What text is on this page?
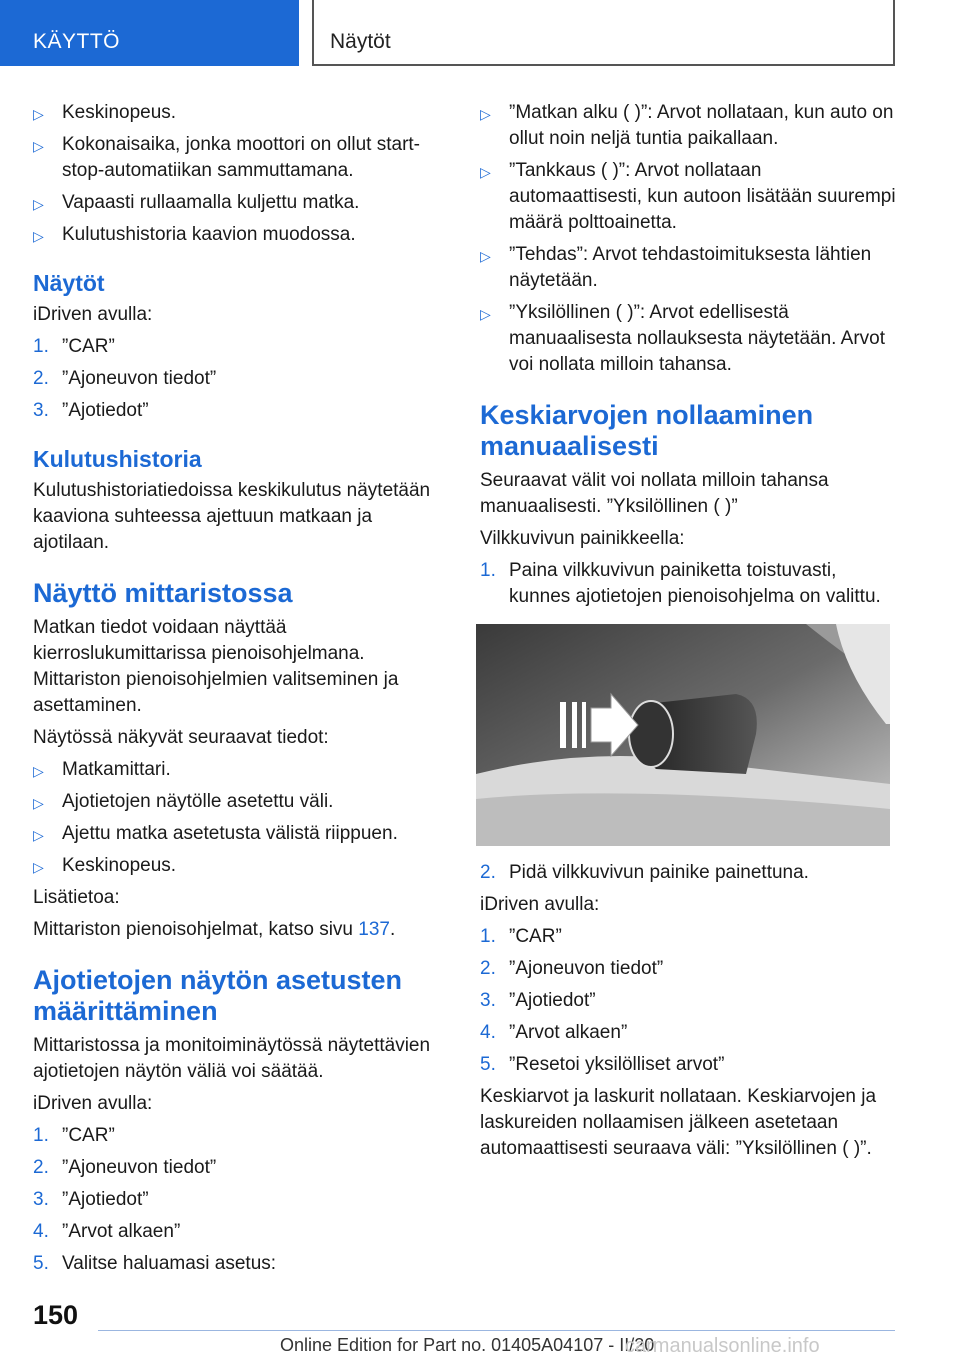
KÄYTTÖ	Näytöt
▷ Keskinopeus.
▷ Kokonaisaika, jonka moottori on ollut start-stop-automatiikan sammuttamana.
▷ Vapaasti rullaamalla kuljettu matka.
▷ Kulutushistoria kaavion muodossa.
Näytöt

iDriven avulla:

1. ”CAR”
2. ”Ajoneuvon tiedot”
3. ”Ajotiedot”
Kulutushistoria

Kulutushistoriatiedoissa keskikulutus näytetään kaaviona suhteessa ajettuun matkaan ja ajotilaan.

Näyttö mittaristossa

Matkan tiedot voidaan näyttää kierroslukumittarissa pienoisohjelmana. Mittariston pienoisohjelmien valitseminen ja asettaminen.

Näytössä näkyvät seuraavat tiedot:

▷ Matkamittari.
▷ Ajotietojen näytölle asetettu väli.
▷ Ajettu matka asetetusta välistä riippuen.
▷ Keskinopeus.

Lisätietoa:

Mittariston pienoisohjelmat, katso sivu 137.

Ajotietojen näytön asetusten määrittäminen

Mittaristossa ja monitoiminäytössä näytettävien ajotietojen näytön väliä voi säätää.

iDriven avulla:

1. ”CAR”
2. ”Ajoneuvon tiedot”
3. ”Ajotiedot”
4. ”Arvot alkaen”
5. Valitse haluamasi asetus:
▷ ”Matkan alku ( )”: Arvot nollataan, kun auto on ollut noin neljä tuntia paikallaan.
▷ ”Tankkaus ( )”: Arvot nollataan automaattisesti, kun autoon lisätään suurempi määrä polttoainetta.
▷ ”Tehdas”: Arvot tehdastoimituksesta lähtien näytetään.
▷ ”Yksilöllinen ( )”: Arvot edellisestä manuaalisesta nollauksesta näytetään. Arvot voi nollata milloin tahansa.
Keskiarvojen nollaaminen manuaalisesti

Seuraavat välit voi nollata milloin tahansa manuaalisesti. ”Yksilöllinen ( )”

Vilkkuvivun painikkeella:

1. Paina vilkkuvivun painiketta toistuvasti, kunnes ajotietojen pienoisohjelma on valittu.
2. Pidä vilkkuvivun painike painettuna.

iDriven avulla:

1. ”CAR”
2. ”Ajoneuvon tiedot”
3. ”Ajotiedot”
4. ”Arvot alkaen”
5. ”Resetoi yksilölliset arvot”

Keskiarvot ja laskurit nollataan. Keskiarvojen ja laskureiden nollaamisen jälkeen asetetaan automaattisesti seuraava väli: ”Yksilöllinen ( )”.

150
Online Edition for Part no. 01405A04107 - II/20
carmanualsonline.info
